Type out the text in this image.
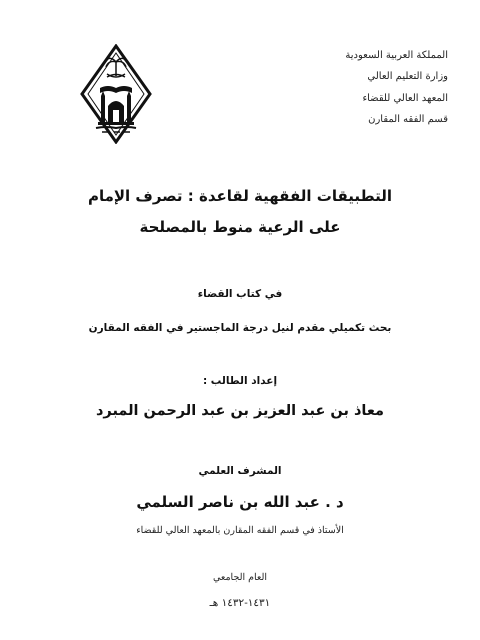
المملكة العربية السعودية
وزارة التعليم العالي
المعهد العالي للقضاء
قسم الفقه المقارن
التطبيقات الفقهية لقاعدة : تصرف الإمام
على الرعية منوط بالمصلحة
في كتاب القضاء
بحث تكميلي مقدم لنيل درجة الماجستير في الفقه المقارن
إعداد الطالب :
معاذ بن عبد العزيز بن عبد الرحمن المبرد
المشرف العلمي
د . عبد الله بن ناصر السلمي
الأستاذ في قسم الفقه المقارن بالمعهد العالي للقضاء
العام الجامعي
١٤٣١-١٤٣٢ هـ
